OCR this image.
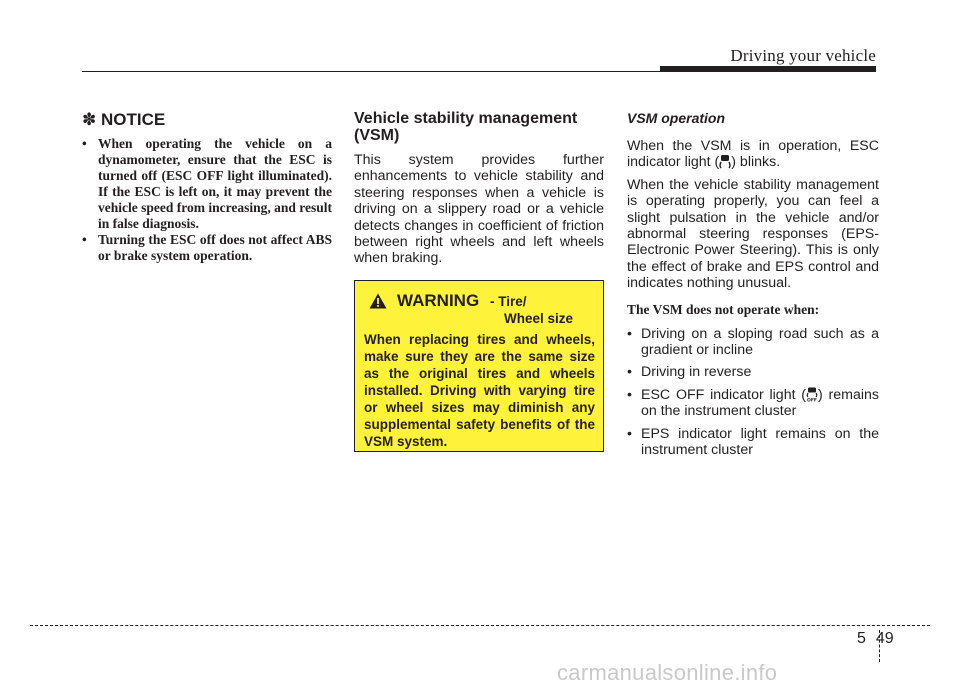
Driving your vehicle
✽ NOTICE
• When operating the vehicle on a dynamometer, ensure that the ESC is turned off (ESC OFF light illuminated). If the ESC is left on, it may prevent the vehicle speed from increasing, and result in false diagnosis.
• Turning the ESC off does not affect ABS or brake system operation.
Vehicle stability management (VSM)

This system provides further enhancements to vehicle stability and steering responses when a vehicle is driving on a slippery road or a vehicle detects changes in coefficient of friction between right wheels and left wheels when braking.

WARNING - Tire/
Wheel size

When replacing tires and wheels, make sure they are the same size as the original tires and wheels installed. Driving with varying tire or wheel sizes may diminish any supplemental safety benefits of the VSM system.

VSM operation

When the VSM is in operation, ESC indicator light ( ) blinks.

When the vehicle stability management is operating properly, you can feel a slight pulsation in the vehicle and/or abnormal steering responses (EPS- Electronic Power Steering). This is only the effect of brake and EPS control and indicates nothing unusual.

The VSM does not operate when:
• Driving on a sloping road such as a gradient or incline
• Driving in reverse
• ESC OFF indicator light ( OFF ) remains on the instrument cluster
• EPS indicator light remains on the instrument cluster
5 49
carmanualsonline.info
